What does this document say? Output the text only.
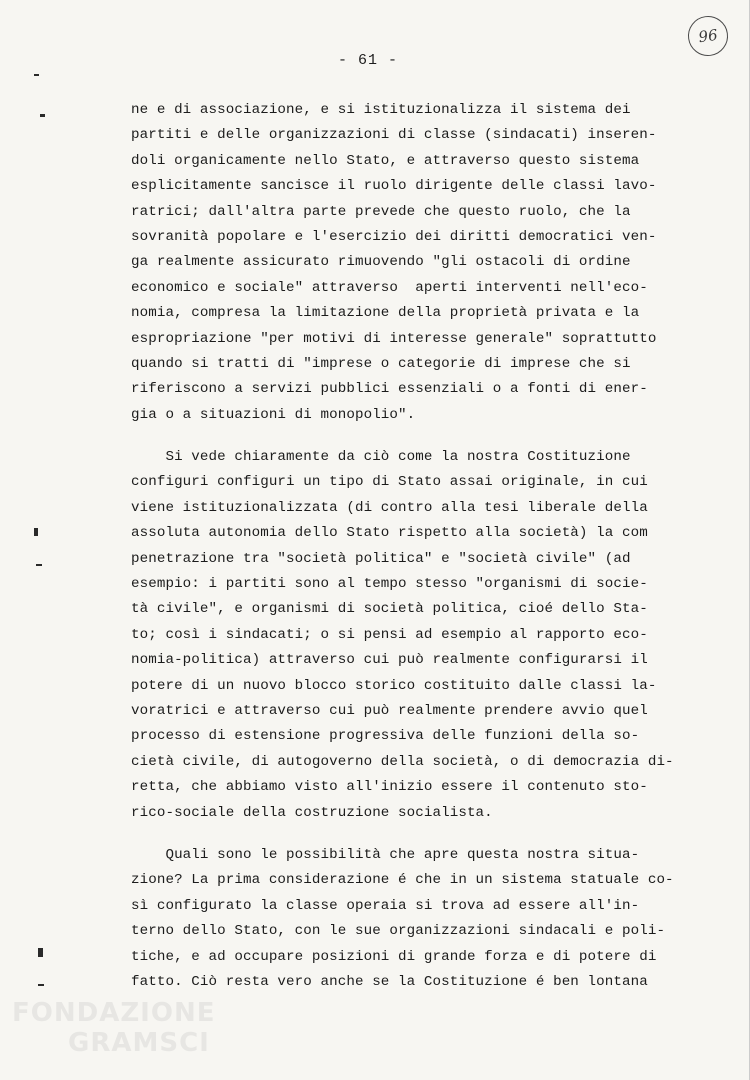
96
- 61 -
ne e di associazione, e si istituzionalizza il sistema dei
partiti e delle organizzazioni di classe (sindacati) inseren-
doli organicamente nello Stato, e attraverso questo sistema
esplicitamente sancisce il ruolo dirigente delle classi lavo-
ratrici; dall'altra parte prevede che questo ruolo, che la
sovranità popolare e l'esercizio dei diritti democratici ven-
ga realmente assicurato rimuovendo "gli ostacoli di ordine
economico e sociale" attraverso  aperti interventi nell'eco-
nomia, compresa la limitazione della proprietà privata e la
espropriazione "per motivi di interesse generale" soprattutto
quando si tratti di "imprese o categorie di imprese che si
riferiscono a servizi pubblici essenziali o a fonti di ener-
gia o a situazioni di monopolio".
Si vede chiaramente da ciò come la nostra Costituzione
configuri configuri un tipo di Stato assai originale, in cui
viene istituzionalizzata (di contro alla tesi liberale della
assoluta autonomia dello Stato rispetto alla società) la com
penetrazione tra "società politica" e "società civile" (ad
esempio: i partiti sono al tempo stesso "organismi di socie-
tà civile", e organismi di società politica, cioé dello Sta-
to; così i sindacati; o si pensi ad esempio al rapporto eco-
nomia-politica) attraverso cui può realmente configurarsi il
potere di un nuovo blocco storico costituito dalle classi la-
voratrici e attraverso cui può realmente prendere avvio quel
processo di estensione progressiva delle funzioni della so-
cietà civile, di autogoverno della società, o di democrazia di-
retta, che abbiamo visto all'inizio essere il contenuto sto-
rico-sociale della costruzione socialista.
Quali sono le possibilità che apre questa nostra situa-
zione? La prima considerazione é che in un sistema statuale co-
sì configurato la classe operaia si trova ad essere all'in-
terno dello Stato, con le sue organizzazioni sindacali e poli-
tiche, e ad occupare posizioni di grande forza e di potere di
fatto. Ciò resta vero anche se la Costituzione é ben lontana
FONDAZIONE
GRAMSCI
